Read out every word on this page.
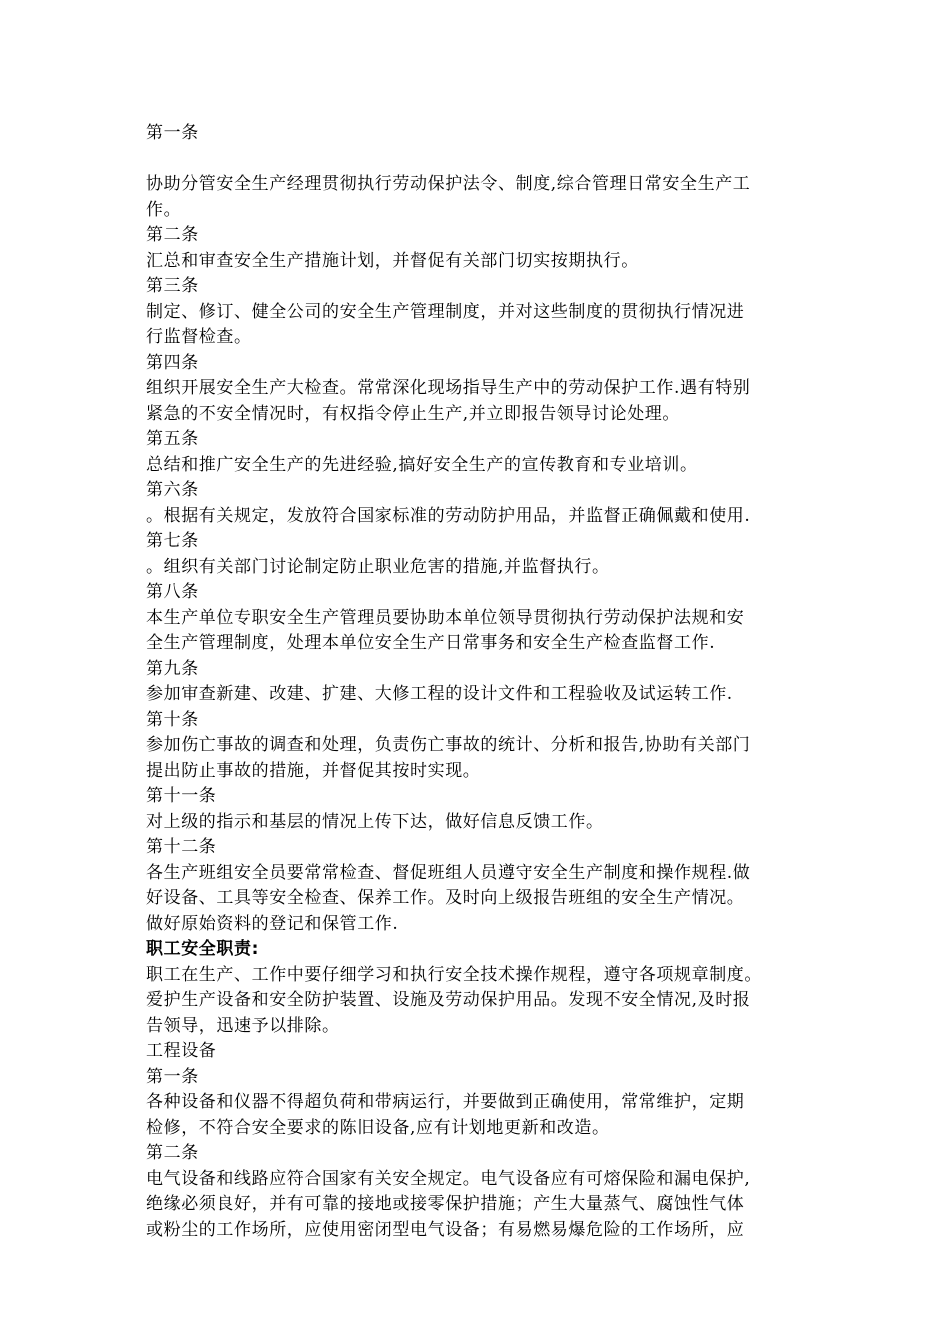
第一条
协助分管安全生产经理贯彻执行劳动保护法令、制度,综合管理日常安全生产工
作。
第二条
汇总和审查安全生产措施计划，并督促有关部门切实按期执行。
第三条
制定、修订、健全公司的安全生产管理制度，并对这些制度的贯彻执行情况进
行监督检查。
第四条
组织开展安全生产大检查。常常深化现场指导生产中的劳动保护工作.遇有特别
紧急的不安全情况时，有权指令停止生产,并立即报告领导讨论处理。
第五条
总结和推广安全生产的先进经验,搞好安全生产的宣传教育和专业培训。
第六条
。根据有关规定，发放符合国家标准的劳动防护用品，并监督正确佩戴和使用.
第七条
。组织有关部门讨论制定防止职业危害的措施,并监督执行。
第八条
本生产单位专职安全生产管理员要协助本单位领导贯彻执行劳动保护法规和安
全生产管理制度，处理本单位安全生产日常事务和安全生产检查监督工作.
第九条
参加审查新建、改建、扩建、大修工程的设计文件和工程验收及试运转工作.
第十条
参加伤亡事故的调查和处理，负责伤亡事故的统计、分析和报告,协助有关部门
提出防止事故的措施，并督促其按时实现。
第十一条
对上级的指示和基层的情况上传下达，做好信息反馈工作。
第十二条
各生产班组安全员要常常检查、督促班组人员遵守安全生产制度和操作规程.做
好设备、工具等安全检查、保养工作。及时向上级报告班组的安全生产情况。
做好原始资料的登记和保管工作.
职工安全职责:
职工在生产、工作中要仔细学习和执行安全技术操作规程，遵守各项规章制度。
爱护生产设备和安全防护装置、设施及劳动保护用品。发现不安全情况,及时报
告领导，迅速予以排除。
工程设备
第一条
各种设备和仪器不得超负荷和带病运行，并要做到正确使用，常常维护，定期
检修，不符合安全要求的陈旧设备,应有计划地更新和改造。
第二条
电气设备和线路应符合国家有关安全规定。电气设备应有可熔保险和漏电保护,
绝缘必须良好，并有可靠的接地或接零保护措施；产生大量蒸气、腐蚀性气体
或粉尘的工作场所，应使用密闭型电气设备；有易燃易爆危险的工作场所，应
